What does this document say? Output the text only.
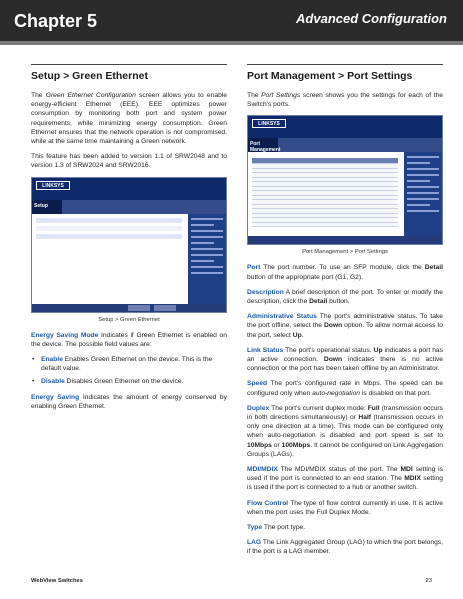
Chapter 5	Advanced Configuration
Setup > Green Ethernet

The Green Ethernet Configuration screen allows you to enable energy-efficient Ethernet (EEE). EEE optimizes power consumption by monitoring both port and system power requirements, while minimizing energy consumption. Green Ethernet ensures that the network operation is not compromised, while at the same time maintaining a Green network.

This feature has been added to version 1.1 of SRW2048 and to version 1.3 of SRW2024 and SRW2016.

LINKSYS
Setup
Setup > Green Ethernet

Energy Saving Mode Indicates if Green Ethernet is enabled on the device. The possible field values are:

• Enable Enables Green Ethernet on the device. This is the default value.
• Disable Disables Green Ethernet on the device.

Energy Saving Indicates the amount of energy conserved by enabling Green Ethernet.

Port Management > Port Settings

The Port Settings screen shows you the settings for each of the Switch's ports.

LINKSYS
Port Management
Port Management > Port Settings

Port The port number. To use an SFP module, click the Detail button of the appropriate port (G1, G2).

Description A brief description of the port. To enter or modify the description, click the Detail button.

Administrative Status The port's administrative status. To take the port offline, select the Down option. To allow normal access to the port, select Up.

Link Status The port's operational status. Up indicates a port has an active connection. Down indicates there is no active connection or the port has been taken offline by an Administrator.

Speed The port's configured rate in Mbps. The speed can be configured only when auto-negotiation is disabled on that port.

Duplex The port's current duplex mode: Full (transmission occurs in both directions simultaneously) or Half (transmission occurs in only one direction at a time). This mode can be configured only when auto-negotiation is disabled and port speed is set to 10Mbps or 100Mbps. It cannot be configured on Link Aggregation Groups (LAGs).

MDI/MDIX The MDI/MDIX status of the port. The MDI setting is used if the port is connected to an end station. The MDIX setting is used if the port is connected to a hub or another switch.

Flow Control The type of flow control currently in use. It is active when the port uses the Full Duplex Mode.

Type The port type.

LAG The Link Aggregated Group (LAG) to which the port belongs, if the port is a LAG member.

WebView Switches	23
